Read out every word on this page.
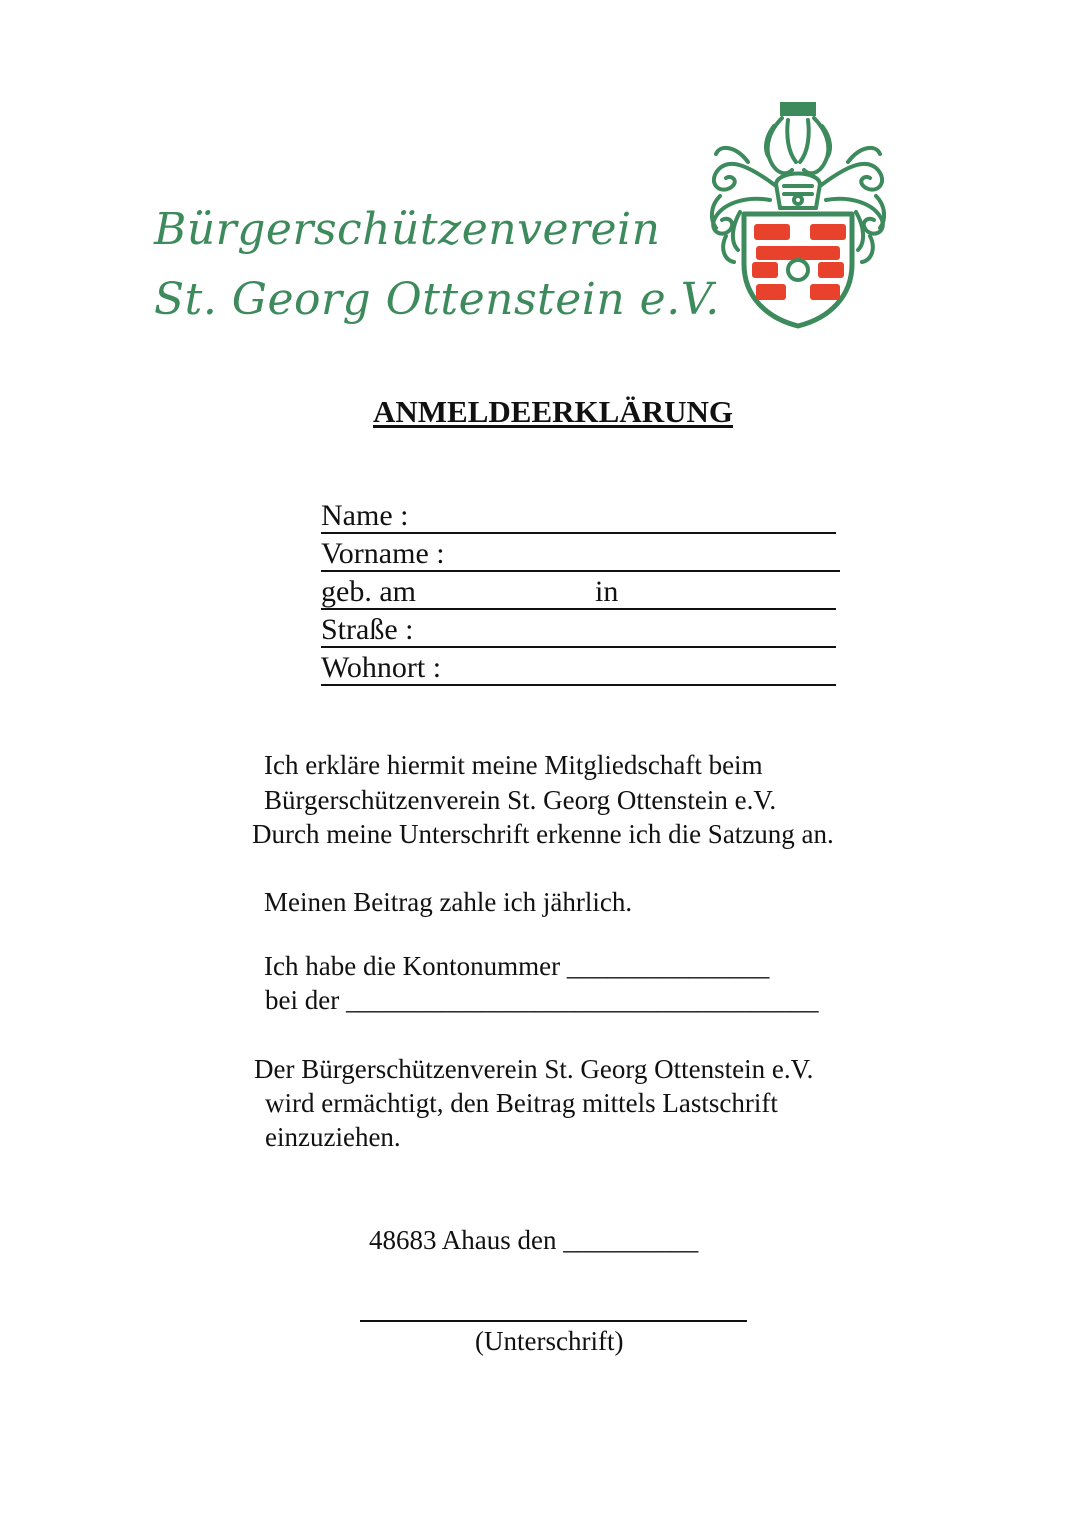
Bürgerschützenverein
St. Georg Ottenstein e.V.
ANMELDEERKLÄRUNG
Name :
Vorname :
geb. am	in
Straße :
Wohnort :
Ich erkläre hiermit meine Mitgliedschaft beim
Bürgerschützenverein St. Georg Ottenstein e.V.
Durch meine Unterschrift erkenne ich die Satzung an.
Meinen Beitrag zahle ich jährlich.
Ich habe die Kontonummer _______________
bei der ___________________________________
Der Bürgerschützenverein St. Georg Ottenstein e.V.
wird ermächtigt, den Beitrag mittels Lastschrift
einzuziehen.
48683 Ahaus den __________
(Unterschrift)
